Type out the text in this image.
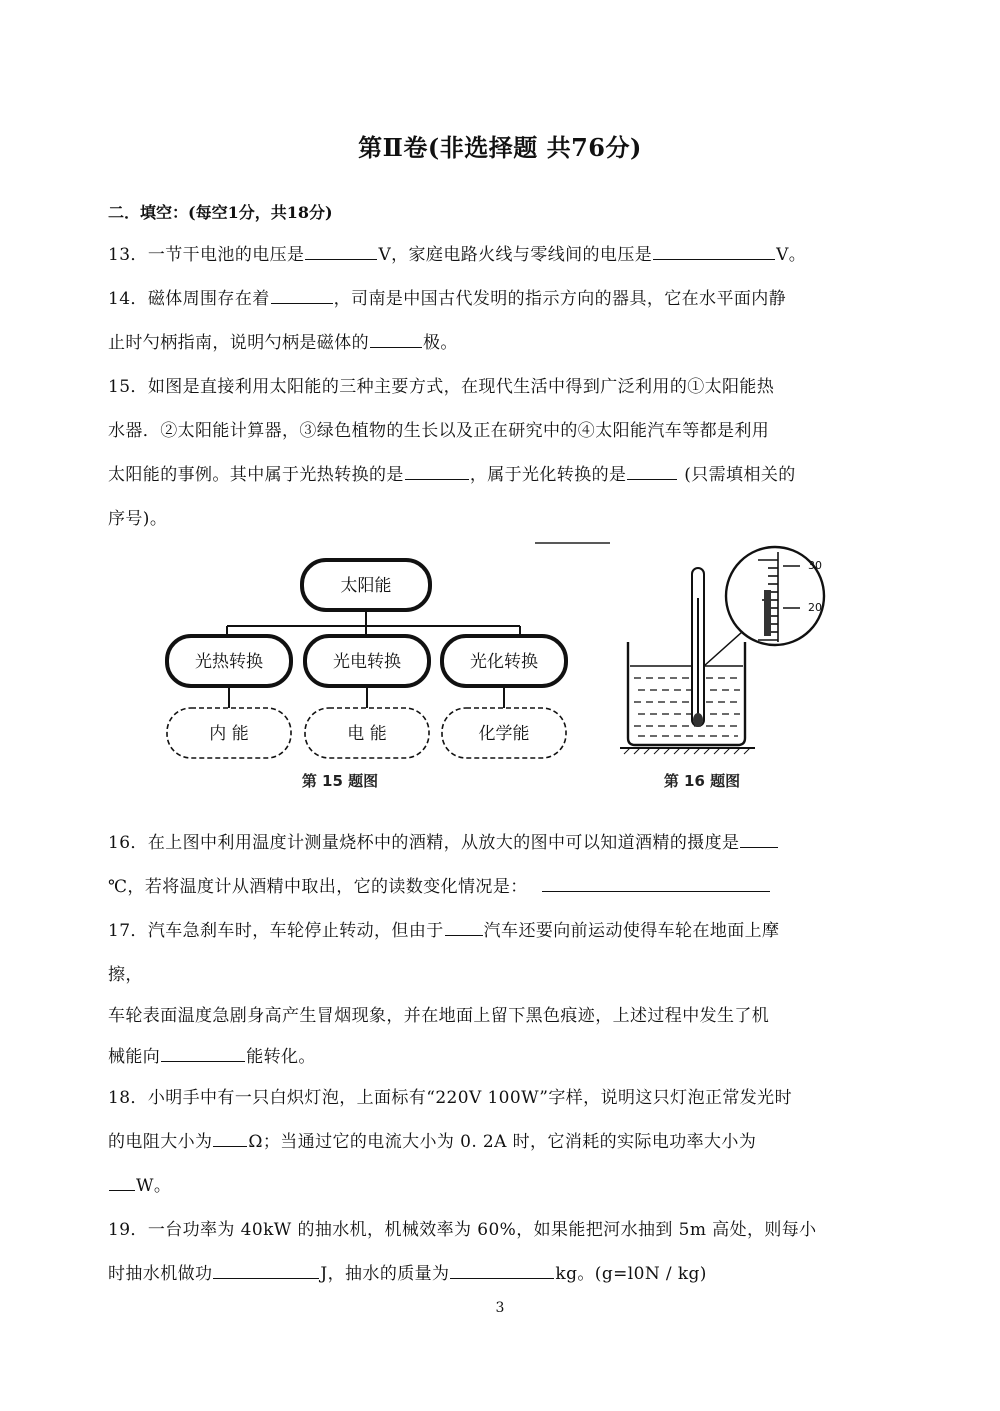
第Ⅱ卷(非选择题 共76分)
二．填空：(每空1分，共18分)
13．一节干电池的电压是	V，家庭电路火线与零线间的电压是	V。
14．磁体周围存在着	，司南是中国古代发明的指示方向的器具，它在水平面内静
止时勺柄指南，说明勺柄是磁体的	极。
15．如图是直接利用太阳能的三种主要方式，在现代生活中得到广泛利用的①太阳能热
水器．②太阳能计算器，③绿色植物的生长以及正在研究中的④太阳能汽车等都是利用
太阳能的事例。其中属于光热转换的是	，属于光化转换的是	(只需填相关的
序号)。
太阳能
光热转换	光电转换	光化转换
内 能	电 能	化学能
第 15 题图
30
20
第 16 题图
16．在上图中利用温度计测量烧杯中的酒精，从放大的图中可以知道酒精的摄度是
℃，若将温度计从酒精中取出，它的读数变化情况是：
17．汽车急刹车时，车轮停止转动，但由于 汽车还要向前运动使得车轮在地面上摩
擦，
车轮表面温度急剧身高产生冒烟现象，并在地面上留下黑色痕迹，上述过程中发生了机
械能向	能转化。
18．小明手中有一只白炽灯泡，上面标有“220V 100W”字样，说明这只灯泡正常发光时
的电阻大小为 Ω；当通过它的电流大小为 0. 2A 时，它消耗的实际电功率大小为
W。
19．一台功率为 40kW 的抽水机，机械效率为 60%，如果能把河水抽到 5m 高处，则每小
时抽水机做功	J，抽水的质量为	kg。(g=l0N / kg)
3
